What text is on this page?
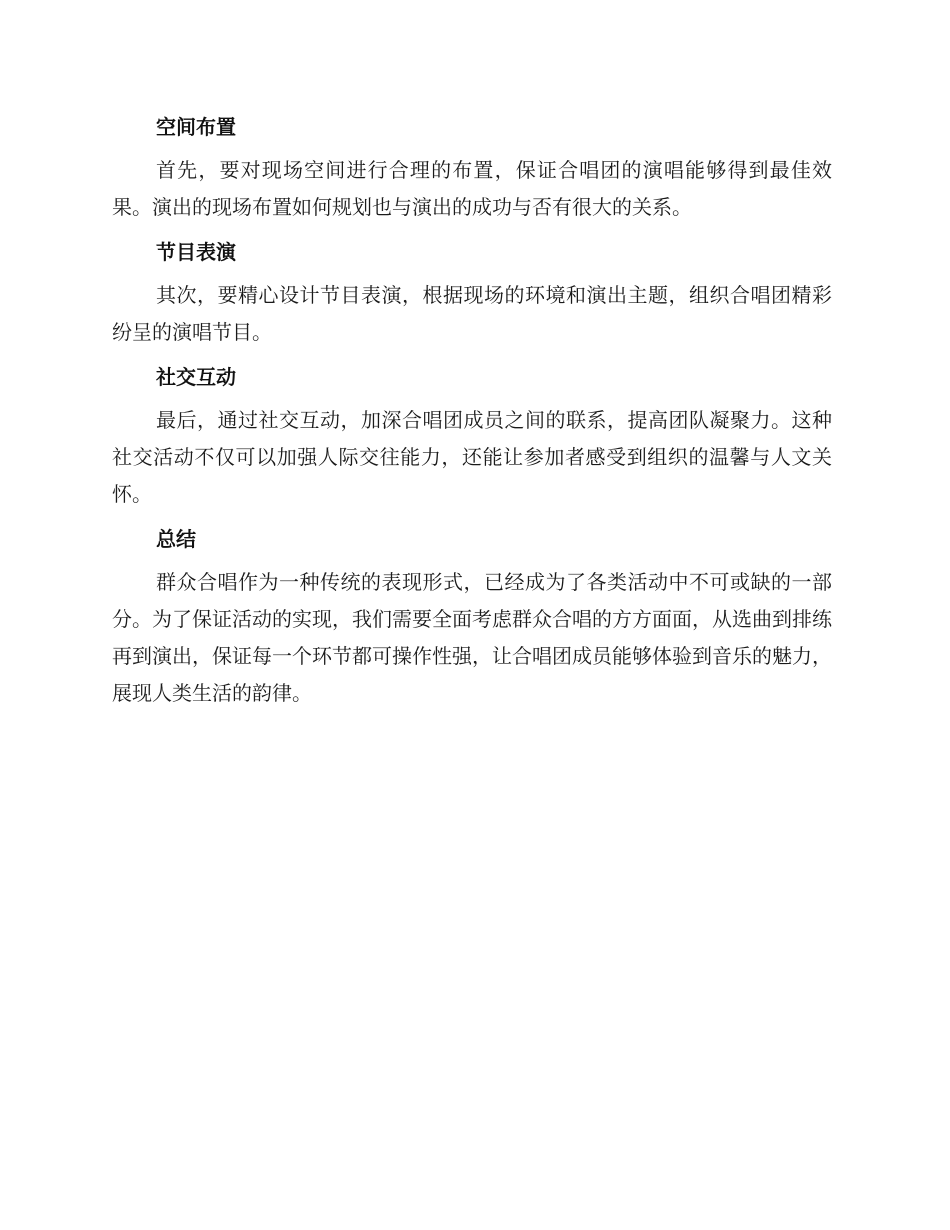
空间布置

首先，要对现场空间进行合理的布置，保证合唱团的演唱能够得到最佳效果。演出的现场布置如何规划也与演出的成功与否有很大的关系。

节目表演

其次，要精心设计节目表演，根据现场的环境和演出主题，组织合唱团精彩纷呈的演唱节目。

社交互动

最后，通过社交互动，加深合唱团成员之间的联系，提高团队凝聚力。这种社交活动不仅可以加强人际交往能力，还能让参加者感受到组织的温馨与人文关怀。

总结

群众合唱作为一种传统的表现形式，已经成为了各类活动中不可或缺的一部分。为了保证活动的实现，我们需要全面考虑群众合唱的方方面面，从选曲到排练再到演出，保证每一个环节都可操作性强，让合唱团成员能够体验到音乐的魅力，展现人类生活的韵律。
